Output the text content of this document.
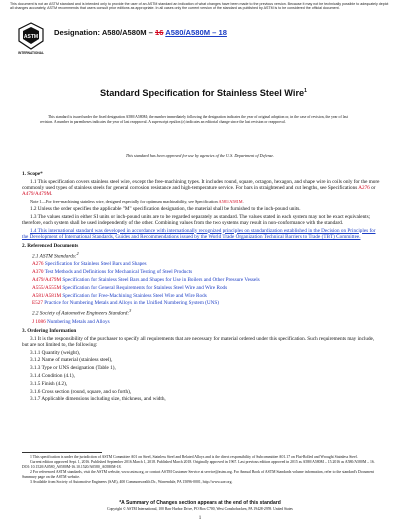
This document is not an ASTM standard and is intended only to provide the user of an ASTM standard an indication of what changes have been made to the previous version. Because it may not be technically possible to adequately depict all changes accurately, ASTM recommends that users consult prior editions as appropriate. In all cases only the current version of the standard as published by ASTM is to be considered the official document.
ASTM
INTERNATIONAL
Designation: A580/A580M – 16 A580/A580M – 18
Standard Specification for Stainless Steel Wire$^1$
This standard is issued under the fixed designation A580/A580M; the number immediately following the designation indicates the year of original adoption or, in the case of revision, the year of last revision. A number in parentheses indicates the year of last reapproval. A superscript epsilon (ε) indicates an editorial change since the last revision or reapproval.
This standard has been approved for use by agencies of the U.S. Department of Defense.

1. Scope*

1.1 This specification covers stainless steel wire, except the free-machining types. It includes round, square, octagon, hexagon, and shape wire in coils only for the more commonly used types of stainless steels for general corrosion resistance and high-temperature service. For bars in straightened and cut lengths, see Specifications A276 or A479/A479M.

Note 1—For free-machining stainless wire, designed especially for optimum machinability, see Specification A581/A581M.

1.2 Unless the order specifies the applicable "M" specification designation, the material shall be furnished to the inch-pound units.

1.3 The values stated in either SI units or inch-pound units are to be regarded separately as standard. The values stated in each system may not be exact equivalents; therefore, each system shall be used independently of the other. Combining values from the two systems may result in non-conformance with the standard.

1.4 This international standard was developed in accordance with internationally recognized principles on standardization established in the Decision on Principles for the Development of International Standards, Guides and Recommendations issued by the World Trade Organization Technical Barriers to Trade (TBT) Committee.

2. Referenced Documents

2.1 ASTM Standards:$^2$

A276 Specification for Stainless Steel Bars and Shapes

A370 Test Methods and Definitions for Mechanical Testing of Steel Products

A479/A479M Specification for Stainless Steel Bars and Shapes for Use in Boilers and Other Pressure Vessels

A555/A555M Specification for General Requirements for Stainless Steel Wire and Wire Rods

A581/A581M Specification for Free-Machining Stainless Steel Wire and Wire Rods

E527 Practice for Numbering Metals and Alloys in the Unified Numbering System (UNS)

2.2 Society of Automotive Engineers Standard:$^3$

J 1086 Numbering Metals and Alloys

3. Ordering Information

3.1 It is the responsibility of the purchaser to specify all requirements that are necessary for material ordered under this specification. Such requirements may include, but are not limited to, the following:

3.1.1 Quantity (weight),

3.1.2 Name of material (stainless steel),

3.1.3 Type or UNS designation (Table 1),

3.1.4 Condition (4.1),

3.1.5 Finish (4.2),

3.1.6 Cross section (round, square, and so forth),

3.1.7 Applicable dimensions including size, thickness, and width,

1 This specification is under the jurisdiction of ASTM Committee A01 on Steel, Stainless Steel and Related Alloys and is the direct responsibility of Subcommittee A01.17 on Flat-Rolled and Wrought Stainless Steel.

Current edition approved Sept. 1, 2016. Published September 2016.March 1, 2018. Published March 2018. Originally approved in 1967. Last previous edition approved in 2015 as A580/A580M – 15.2016 as A580/A580M – 16. DOI: 10.1520/A0580_A0580M-16.10.1520/A0580_A0580M-18.

2 For referenced ASTM standards, visit the ASTM website, www.astm.org, or contact ASTM Customer Service at service@astm.org. For Annual Book of ASTM Standards volume information, refer to the standard's Document Summary page on the ASTM website.

3 Available from Society of Automotive Engineers (SAE), 400 Commonwealth Dr., Warrendale, PA 15096-0001, http://www.sae.org.

*A Summary of Changes section appears at the end of this standard
Copyright © ASTM International, 100 Barr Harbor Drive, PO Box C700, West Conshohocken, PA 19428-2959. United States
1
